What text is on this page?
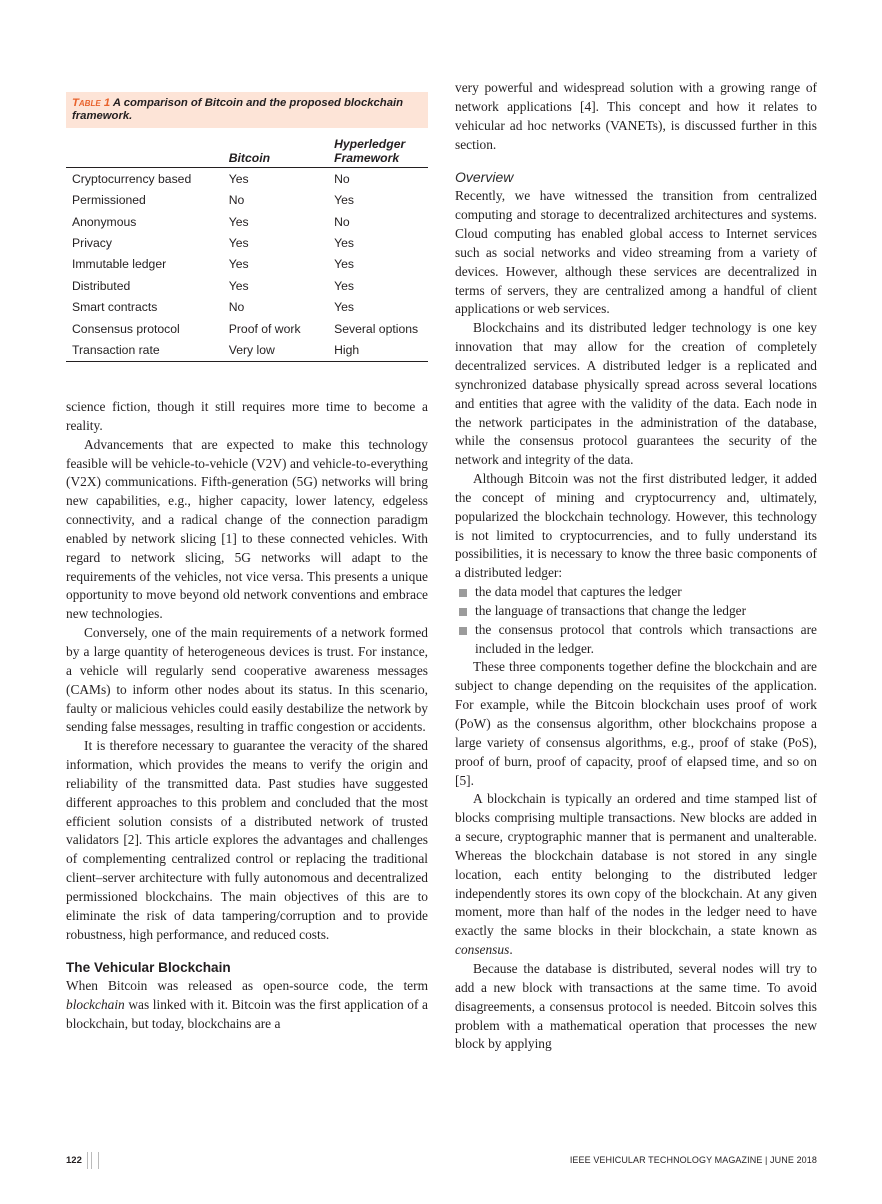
Table 1 A comparison of Bitcoin and the proposed blockchain framework.
	Bitcoin	Hyperledger Framework
Cryptocurrency based	Yes	No
Permissioned	No	Yes
Anonymous	Yes	No
Privacy	Yes	Yes
Immutable ledger	Yes	Yes
Distributed	Yes	Yes
Smart contracts	No	Yes
Consensus protocol	Proof of work	Several options
Transaction rate	Very low	High

science fiction, though it still requires more time to become a reality.

Advancements that are expected to make this technology feasible will be vehicle-to-vehicle (V2V) and vehicle-to-everything (V2X) communications. Fifth-generation (5G) networks will bring new capabilities, e.g., higher capacity, lower latency, edgeless connectivity, and a radical change of the connection paradigm enabled by network slicing [1] to these connected vehicles. With regard to network slicing, 5G networks will adapt to the requirements of the vehicles, not vice versa. This presents a unique opportunity to move beyond old network conventions and embrace new technologies.

Conversely, one of the main requirements of a network formed by a large quantity of heterogeneous devices is trust. For instance, a vehicle will regularly send cooperative awareness messages (CAMs) to inform other nodes about its status. In this scenario, faulty or malicious vehicles could easily destabilize the network by sending false messages, resulting in traffic congestion or accidents.

It is therefore necessary to guarantee the veracity of the shared information, which provides the means to verify the origin and reliability of the transmitted data. Past studies have suggested different approaches to this problem and concluded that the most efficient solution consists of a distributed network of trusted validators [2]. This article explores the advantages and challenges of complementing centralized control or replacing the traditional client–server architecture with fully autonomous and decentralized permissioned blockchains. The main objectives of this are to eliminate the risk of data tampering/corruption and to provide robustness, high performance, and reduced costs.

The Vehicular Blockchain

When Bitcoin was released as open-source code, the term blockchain was linked with it. Bitcoin was the first application of a blockchain, but today, blockchains are a

very powerful and widespread solution with a growing range of network applications [4]. This concept and how it relates to vehicular ad hoc networks (VANETs), is discussed further in this section.

Overview

Recently, we have witnessed the transition from centralized computing and storage to decentralized architectures and systems. Cloud computing has enabled global access to Internet services such as social networks and video streaming from a variety of devices. However, although these services are decentralized in terms of servers, they are centralized among a handful of client applications or web services.

Blockchains and its distributed ledger technology is one key innovation that may allow for the creation of completely decentralized services. A distributed ledger is a replicated and synchronized database physically spread across several locations and entities that agree with the validity of the data. Each node in the network participates in the administration of the database, while the consensus protocol guarantees the security of the network and integrity of the data.

Although Bitcoin was not the first distributed ledger, it added the concept of mining and cryptocurrency and, ultimately, popularized the blockchain technology. However, this technology is not limited to cryptocurrencies, and to fully understand its possibilities, it is necessary to know the three basic components of a distributed ledger:

the data model that captures the ledger
the language of transactions that change the ledger
the consensus protocol that controls which transactions are included in the ledger.

These three components together define the blockchain and are subject to change depending on the requisites of the application. For example, while the Bitcoin blockchain uses proof of work (PoW) as the consensus algorithm, other blockchains propose a large variety of consensus algorithms, e.g., proof of stake (PoS), proof of burn, proof of capacity, proof of elapsed time, and so on [5].

A blockchain is typically an ordered and time stamped list of blocks comprising multiple transactions. New blocks are added in a secure, cryptographic manner that is permanent and unalterable. Whereas the blockchain database is not stored in any single location, each entity belonging to the distributed ledger independently stores its own copy of the blockchain. At any given moment, more than half of the nodes in the ledger need to have exactly the same blocks in their blockchain, a state known as consensus.

Because the database is distributed, several nodes will try to add a new block with transactions at the same time. To avoid disagreements, a consensus protocol is needed. Bitcoin solves this problem with a mathematical operation that processes the new block by applying

122	IEEE VEHICULAR TECHNOLOGY MAGAZINE | JUNE 2018
